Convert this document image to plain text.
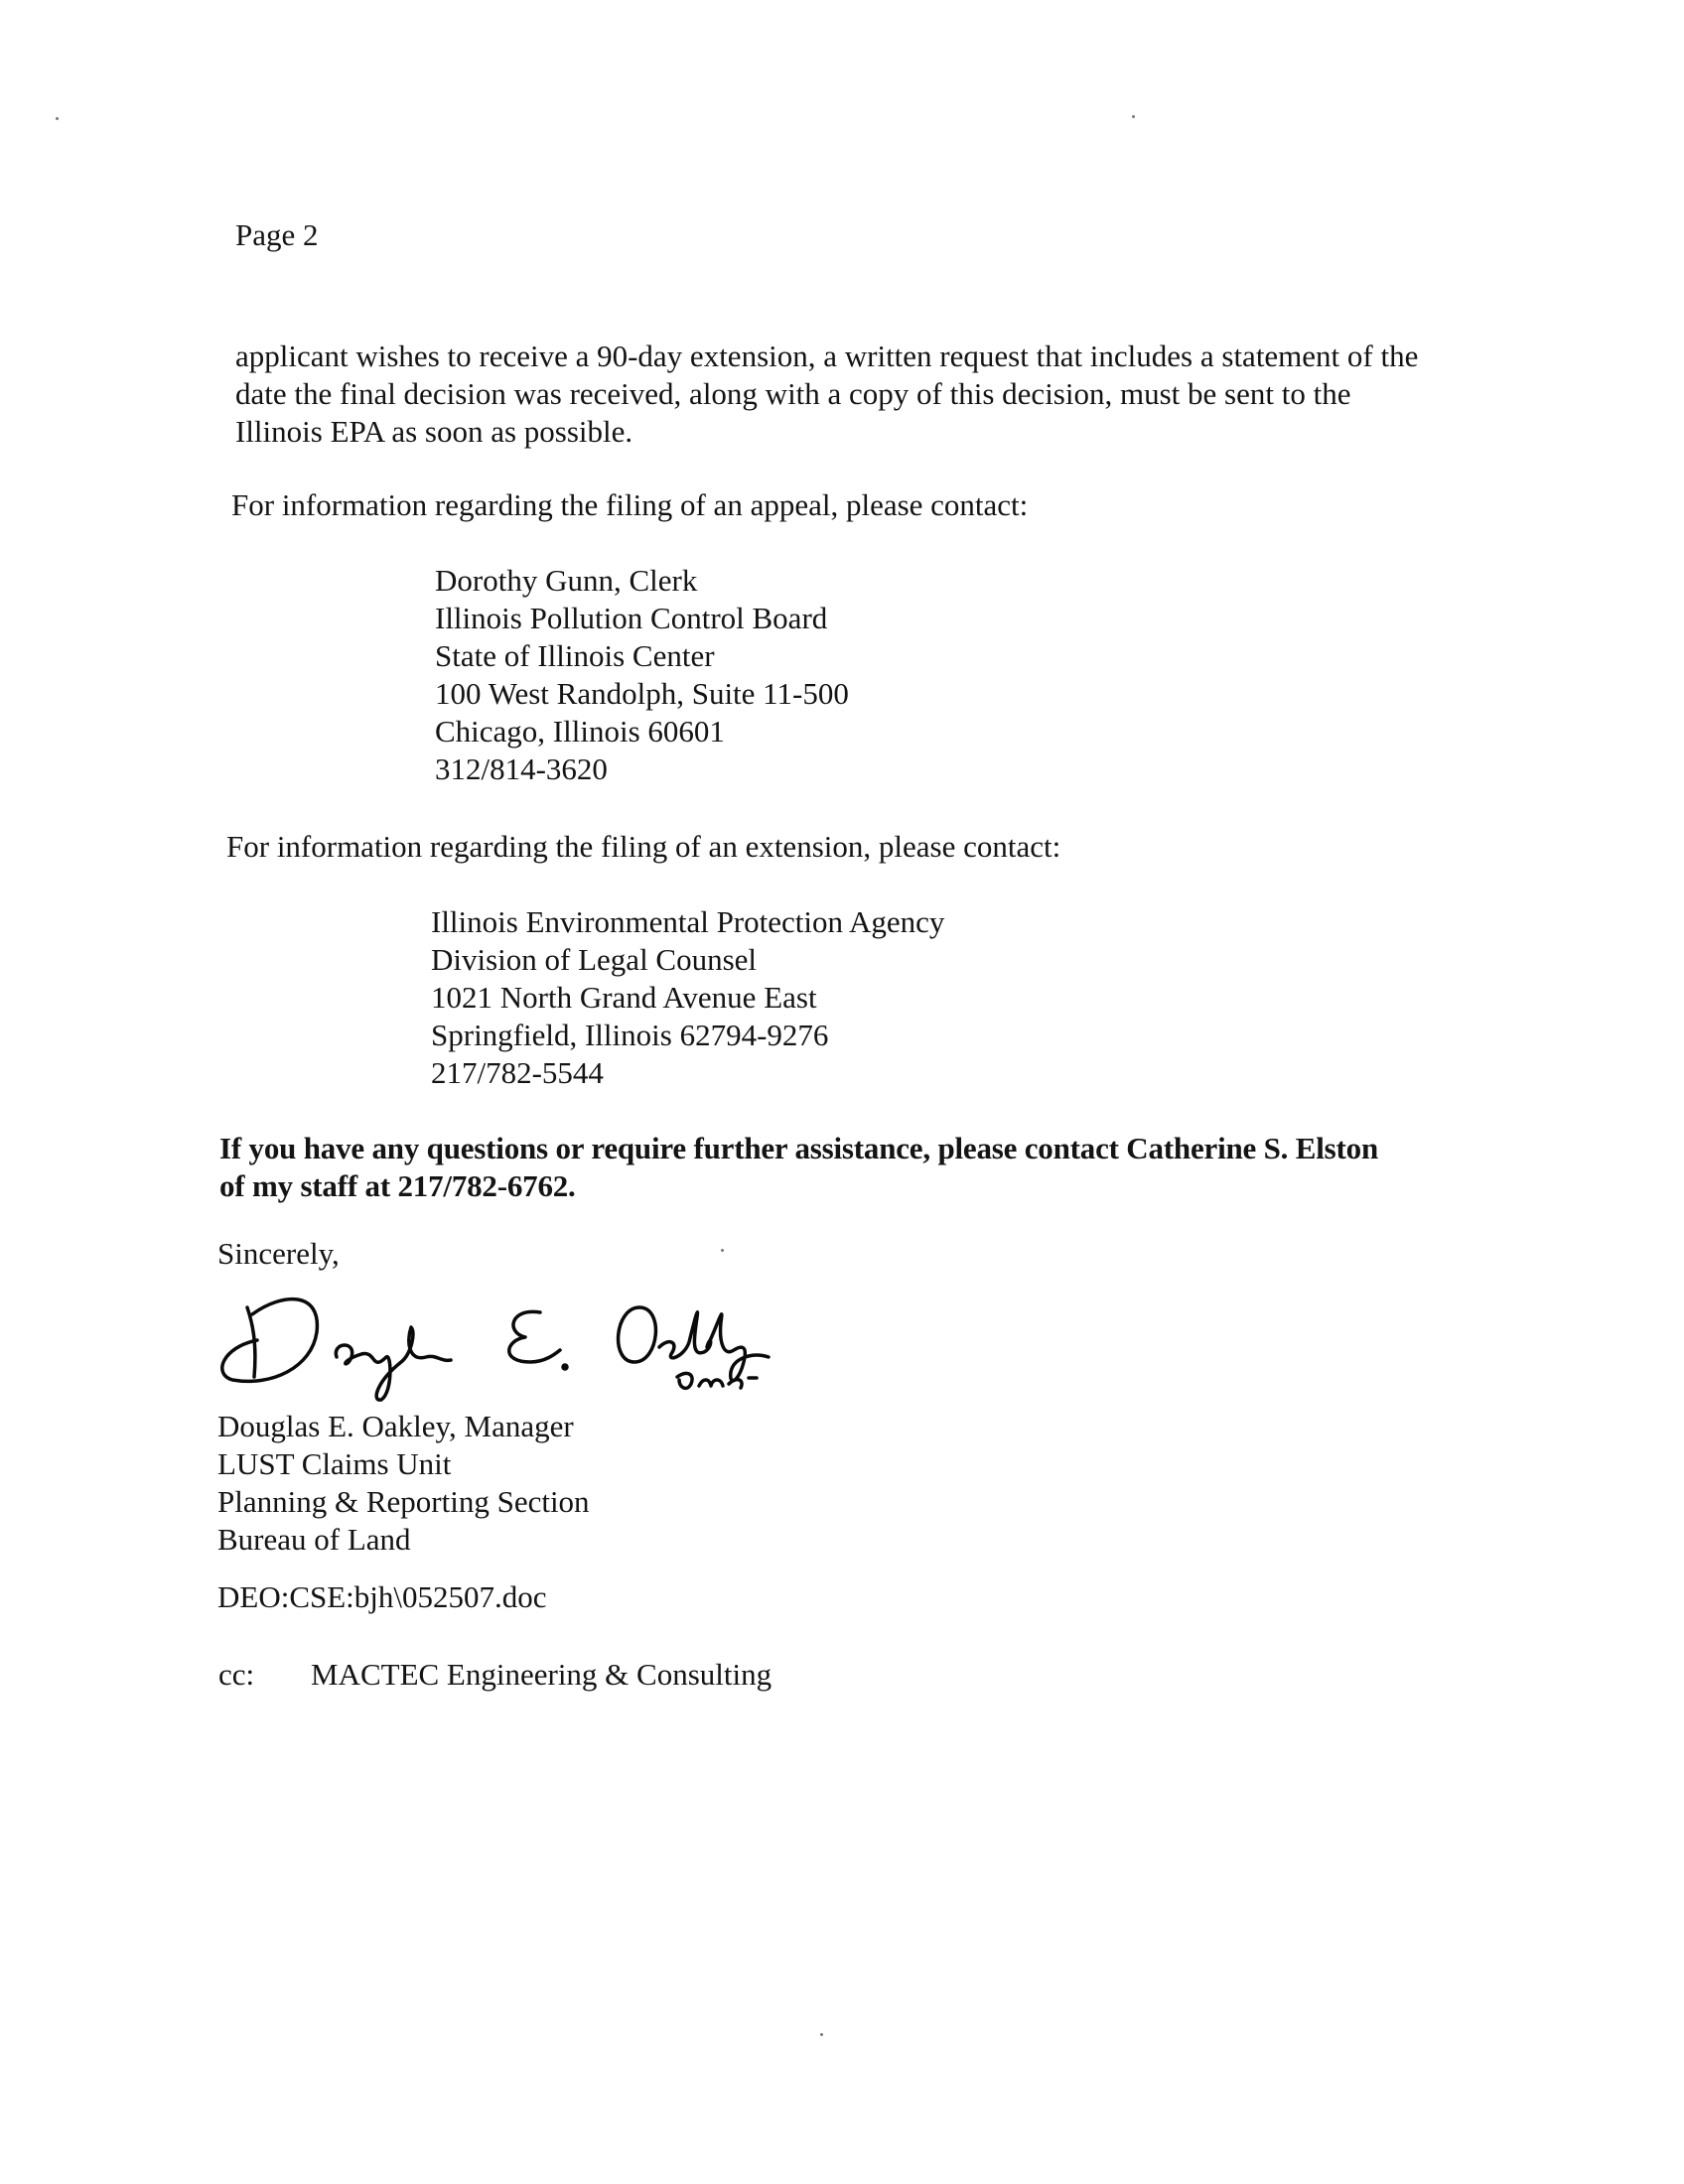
Page 2

applicant wishes to receive a 90-day extension, a written request that includes a statement of the
date the final decision was received, along with a copy of this decision, must be sent to the
Illinois EPA as soon as possible.

For information regarding the filing of an appeal, please contact:

Dorothy Gunn, Clerk
Illinois Pollution Control Board
State of Illinois Center
100 West Randolph, Suite 11-500
Chicago, Illinois 60601
312/814-3620

For information regarding the filing of an extension, please contact:

Illinois Environmental Protection Agency
Division of Legal Counsel
1021 North Grand Avenue East
Springfield, Illinois 62794-9276
217/782-5544
If you have any questions or require further assistance, please contact Catherine S. Elston
of my staff at 217/782-6762.

Sincerely,

Douglas E. Oakley, Manager
LUST Claims Unit
Planning & Reporting Section
Bureau of Land

DEO:CSE:bjh\052507.doc

cc: MACTEC Engineering & Consulting
